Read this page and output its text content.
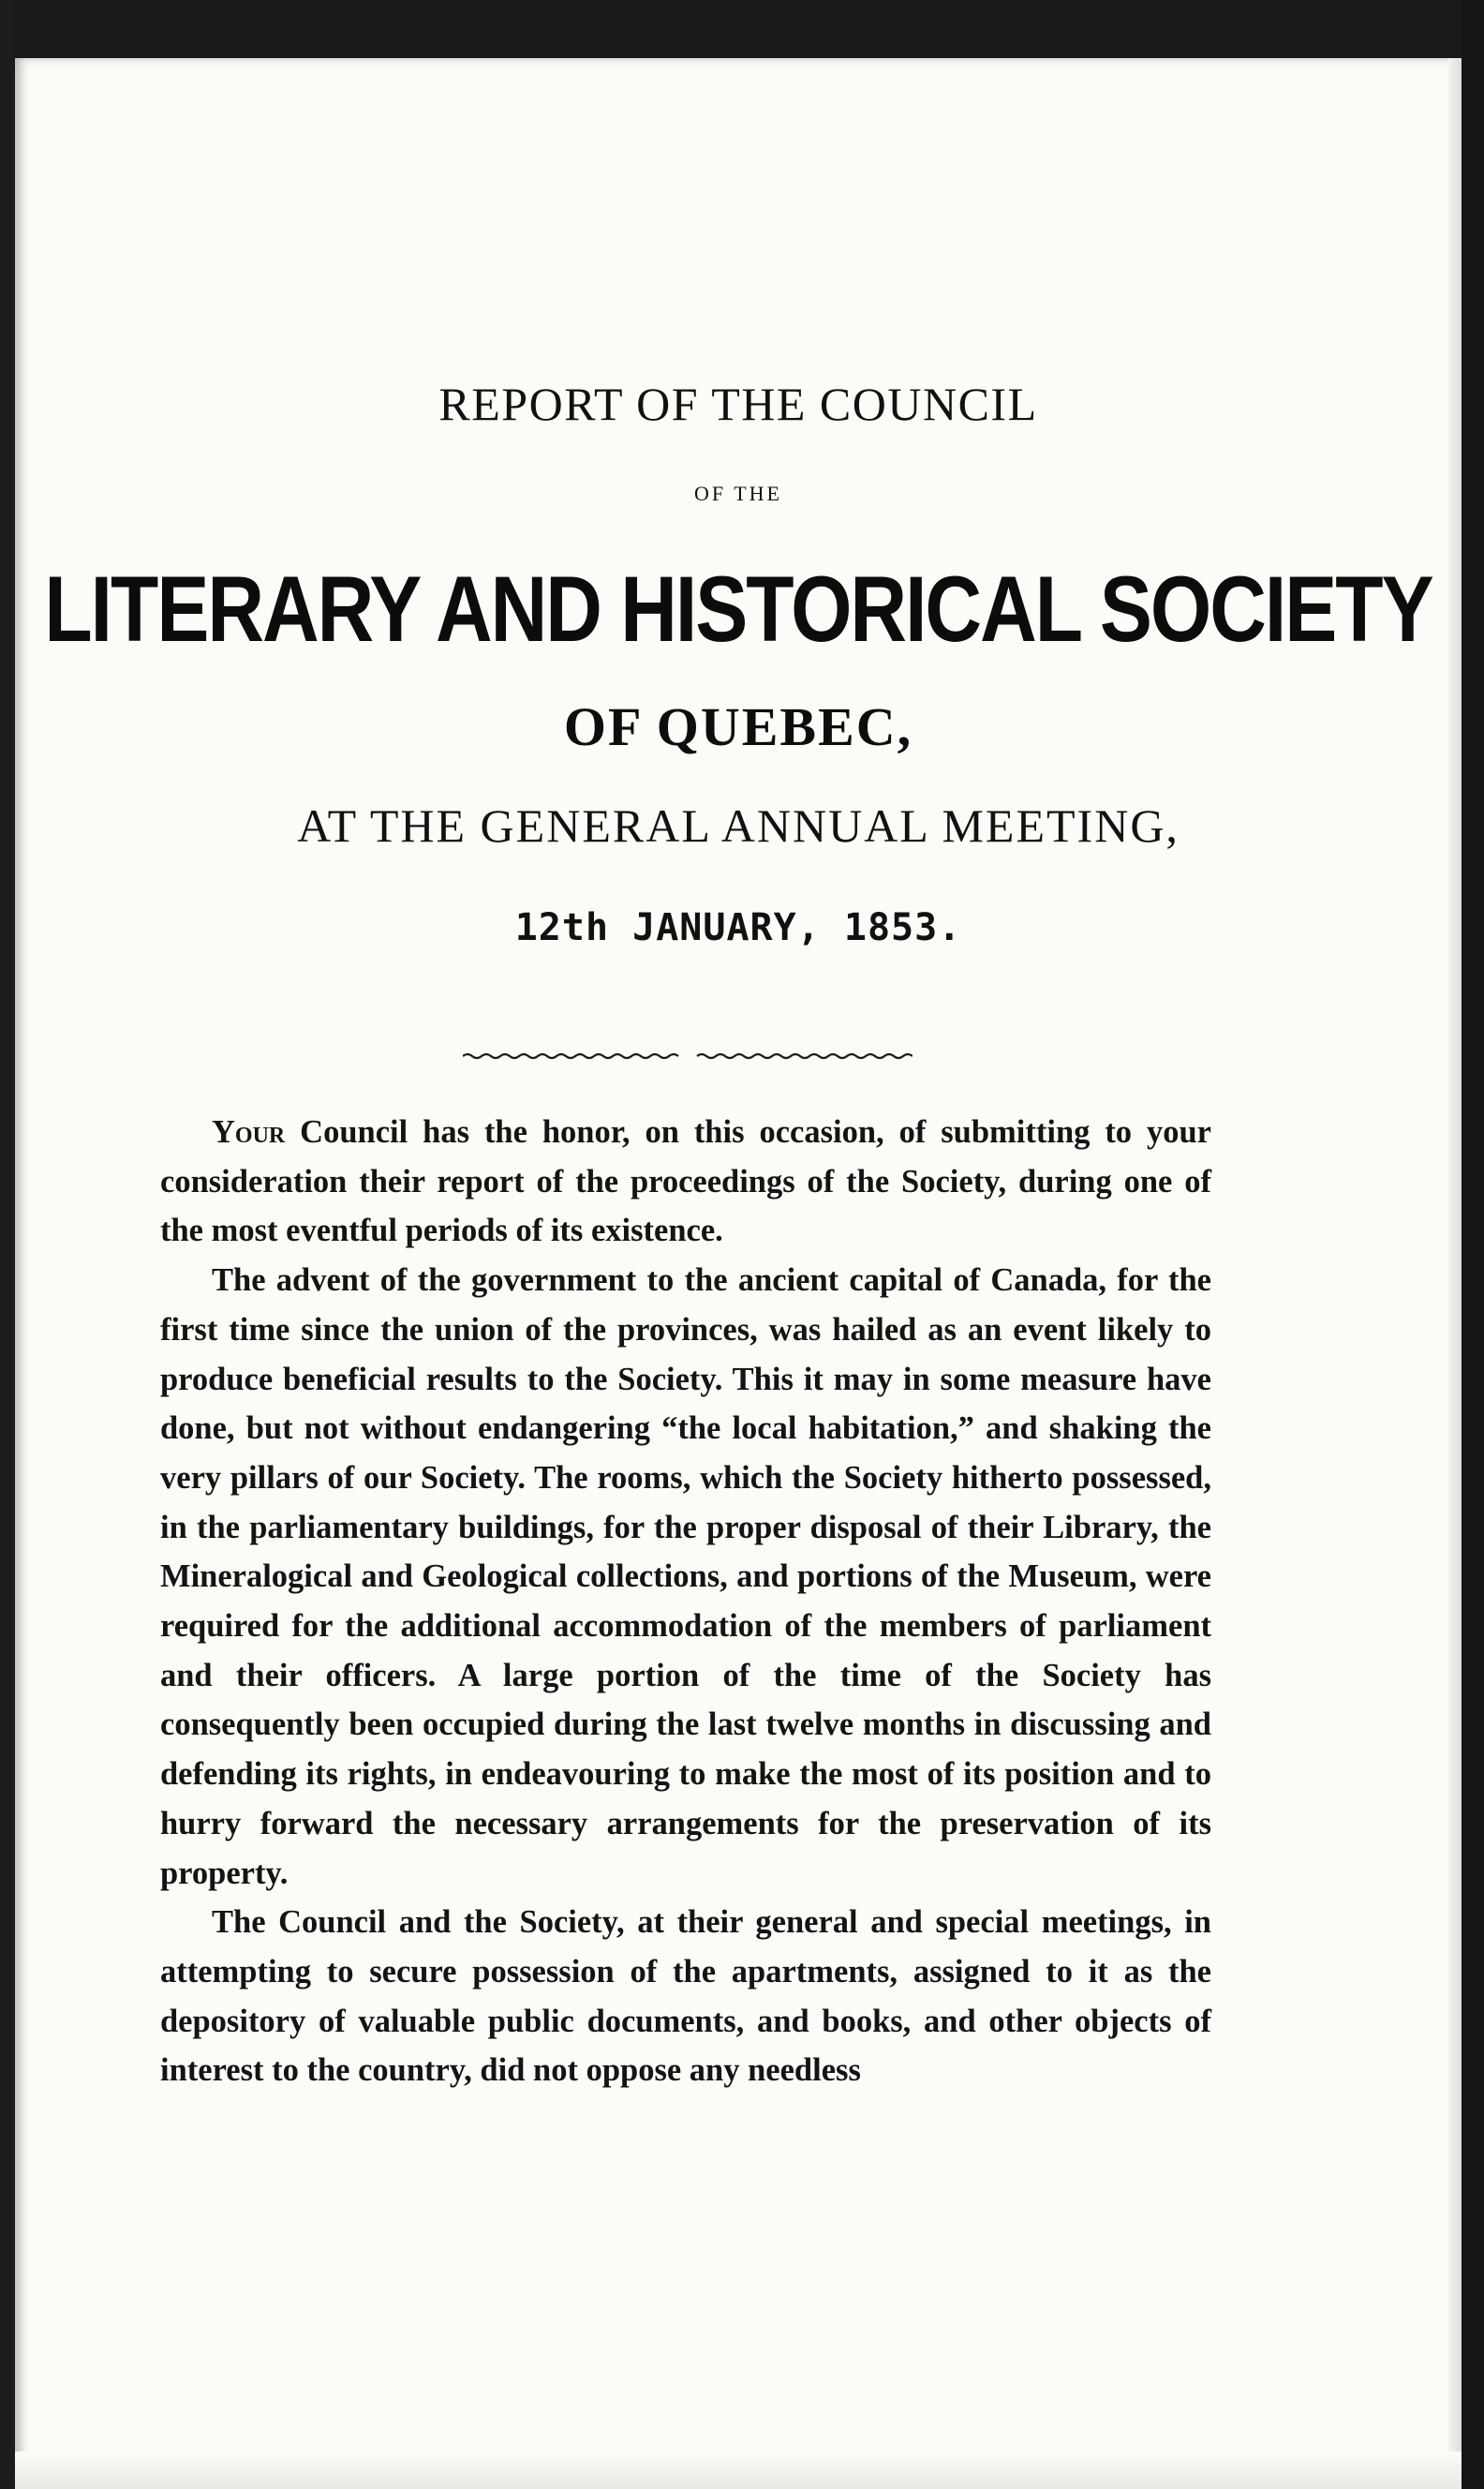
REPORT OF THE COUNCIL
OF THE
LITERARY AND HISTORICAL SOCIETY
OF QUEBEC,
AT THE GENERAL ANNUAL MEETING,
12th JANUARY, 1853.

Your Council has the honor, on this occasion, of submitting to your consideration their report of the proceedings of the Society, during one of the most eventful periods of its existence.

The advent of the government to the ancient capital of Canada, for the first time since the union of the provinces, was hailed as an event likely to produce beneficial results to the Society. This it may in some measure have done, but not without endangering “the local habitation,” and shaking the very pillars of our Society. The rooms, which the Society hitherto possessed, in the parliamentary buildings, for the proper disposal of their Library, the Mineralogical and Geological collections, and portions of the Museum, were required for the additional accommodation of the members of parliament and their officers. A large portion of the time of the Society has consequently been occupied during the last twelve months in discussing and defending its rights, in endeavouring to make the most of its position and to hurry forward the necessary arrangements for the preservation of its property.

The Council and the Society, at their general and special meetings, in attempting to secure possession of the apartments, assigned to it as the depository of valuable public documents, and books, and other objects of interest to the country, did not oppose any needless
